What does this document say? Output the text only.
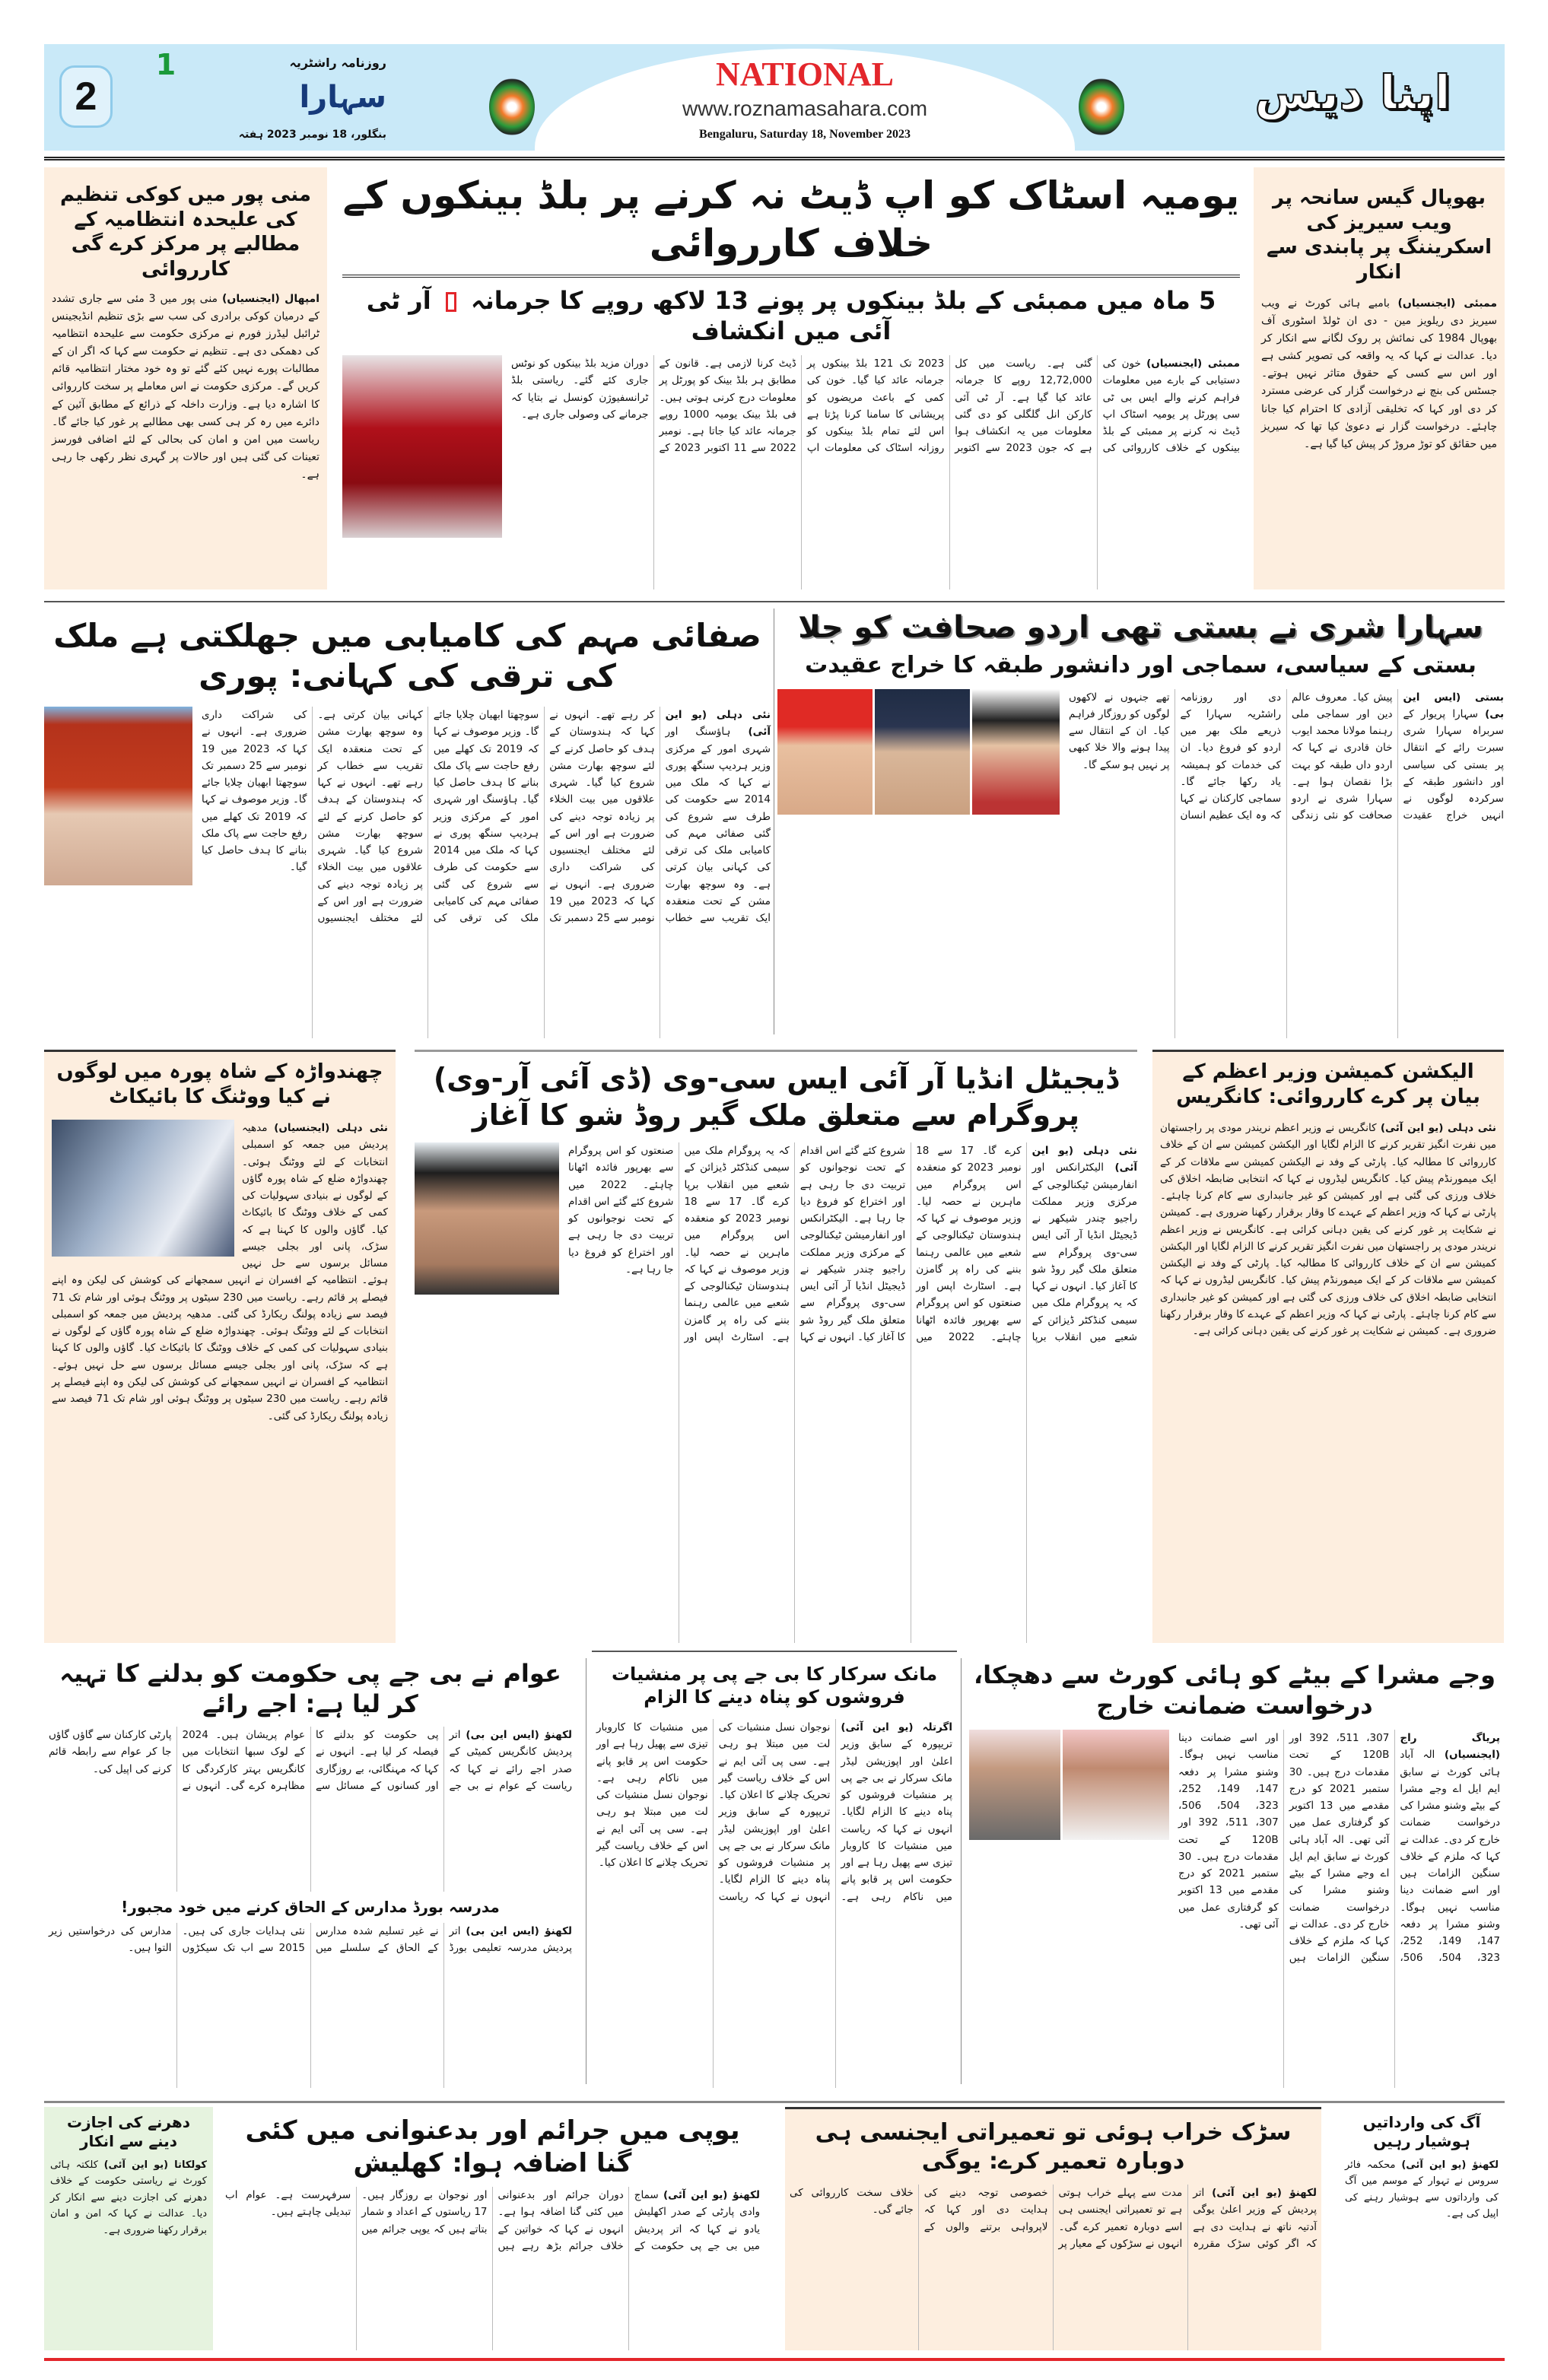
2
1	روزنامہ راشٹریہ
سہارا
بنگلور، 18 نومبر 2023 ہفتہ
NATIONAL
www.roznamasahara.com
Bengaluru, Saturday 18, November 2023
اپنا دیس
منی پور میں کوکی تنظیم کی علیحدہ انتظامیہ کے مطالبے پر مرکز کرے گی کارروائی
امپھال (ایجنسیاں) منی پور میں 3 مئی سے جاری تشدد کے درمیان کوکی برادری کی سب سے بڑی تنظیم انڈیجینس ٹرائبل لیڈرز فورم نے مرکزی حکومت سے علیحدہ انتظامیہ کی دھمکی دی ہے۔ تنظیم نے حکومت سے کہا کہ اگر ان کے مطالبات پورے نہیں کئے گئے تو وہ خود مختار انتظامیہ قائم کریں گے۔ مرکزی حکومت نے اس معاملے پر سخت کارروائی کا اشارہ دیا ہے۔ وزارت داخلہ کے ذرائع کے مطابق آئین کے دائرے میں رہ کر ہی کسی بھی مطالبے پر غور کیا جائے گا۔ ریاست میں امن و امان کی بحالی کے لئے اضافی فورسز تعینات کی گئی ہیں اور حالات پر گہری نظر رکھی جا رہی ہے۔
یومیہ اسٹاک کو اپ ڈیٹ نہ کرنے پر بلڈ بینکوں کے خلاف کارروائی
5 ماہ میں ممبئی کے بلڈ بینکوں پر پونے 13 لاکھ روپے کا جرمانہ  آر ٹی آئی میں انکشاف
ممبئی (ایجنسیاں) خون کی دستیابی کے بارے میں معلومات فراہم کرنے والے ایس بی ٹی سی پورٹل پر یومیہ اسٹاک اپ ڈیٹ نہ کرنے پر ممبئی کے بلڈ بینکوں کے خلاف کارروائی کی گئی ہے۔ ریاست میں کل 12,72,000 روپے کا جرمانہ عائد کیا گیا ہے۔ آر ٹی آئی کارکن انل گلگلی کو دی گئی معلومات میں یہ انکشاف ہوا ہے کہ جون 2023 سے اکتوبر 2023 تک 121 بلڈ بینکوں پر جرمانہ عائد کیا گیا۔ خون کی کمی کے باعث مریضوں کو پریشانی کا سامنا کرنا پڑتا ہے اس لئے تمام بلڈ بینکوں کو روزانہ اسٹاک کی معلومات اپ ڈیٹ کرنا لازمی ہے۔ قانون کے مطابق ہر بلڈ بینک کو پورٹل پر معلومات درج کرنی ہوتی ہیں۔ فی بلڈ بینک یومیہ 1000 روپے جرمانہ عائد کیا جاتا ہے۔ نومبر 2022 سے 11 اکتوبر 2023 کے دوران مزید بلڈ بینکوں کو نوٹس جاری کئے گئے۔ ریاستی بلڈ ٹرانسفیوژن کونسل نے بتایا کہ جرمانے کی وصولی جاری ہے۔
بھوپال گیس سانحہ پر ویب سیریز کی اسکریننگ پر پابندی سے انکار
ممبئی (ایجنسیاں) بامبے ہائی کورٹ نے ویب سیریز دی ریلویز مین - دی ان ٹولڈ اسٹوری آف بھوپال 1984 کی نمائش پر روک لگانے سے انکار کر دیا۔ عدالت نے کہا کہ یہ واقعہ کی تصویر کشی ہے اور اس سے کسی کے حقوق متاثر نہیں ہوتے۔ جسٹس کی بنچ نے درخواست گزار کی عرضی مسترد کر دی اور کہا کہ تخلیقی آزادی کا احترام کیا جانا چاہئے۔ درخواست گزار نے دعویٰ کیا تھا کہ سیریز میں حقائق کو توڑ مروڑ کر پیش کیا گیا ہے۔
صفائی مہم کی کامیابی میں جھلکتی ہے ملک کی ترقی کی کہانی: پوری
نئی دہلی (یو این آئی) ہاؤسنگ اور شہری امور کے مرکزی وزیر ہردیپ سنگھ پوری نے کہا کہ ملک میں 2014 سے حکومت کی طرف سے شروع کی گئی صفائی مہم کی کامیابی ملک کی ترقی کی کہانی بیان کرتی ہے۔ وہ سوچھ بھارت مشن کے تحت منعقدہ ایک تقریب سے خطاب کر رہے تھے۔ انہوں نے کہا کہ ہندوستان کے ہدف کو حاصل کرنے کے لئے سوچھ بھارت مشن شروع کیا گیا۔ شہری علاقوں میں بیت الخلاء پر زیادہ توجہ دینے کی ضرورت ہے اور اس کے لئے مختلف ایجنسیوں کی شراکت داری ضروری ہے۔ انہوں نے کہا کہ 2023 میں 19 نومبر سے 25 دسمبر تک سوچھتا ابھیان چلایا جائے گا۔ وزیر موصوف نے کہا کہ 2019 تک کھلے میں رفع حاجت سے پاک ملک بنانے کا ہدف حاصل کیا گیا۔ ہاؤسنگ اور شہری امور کے مرکزی وزیر ہردیپ سنگھ پوری نے کہا کہ ملک میں 2014 سے حکومت کی طرف سے شروع کی گئی صفائی مہم کی کامیابی ملک کی ترقی کی کہانی بیان کرتی ہے۔ وہ سوچھ بھارت مشن کے تحت منعقدہ ایک تقریب سے خطاب کر رہے تھے۔ انہوں نے کہا کہ ہندوستان کے ہدف کو حاصل کرنے کے لئے سوچھ بھارت مشن شروع کیا گیا۔ شہری علاقوں میں بیت الخلاء پر زیادہ توجہ دینے کی ضرورت ہے اور اس کے لئے مختلف ایجنسیوں کی شراکت داری ضروری ہے۔ انہوں نے کہا کہ 2023 میں 19 نومبر سے 25 دسمبر تک سوچھتا ابھیان چلایا جائے گا۔ وزیر موصوف نے کہا کہ 2019 تک کھلے میں رفع حاجت سے پاک ملک بنانے کا ہدف حاصل کیا گیا۔
سہارا شری نے بستی تھی اردو صحافت کو جلا
بستی کے سیاسی، سماجی اور دانشور طبقہ کا خراج عقیدت
بستی (ایس این بی) سہارا پریوار کے سربراہ سہارا شری سبرت رائے کے انتقال پر بستی کی سیاسی اور دانشور طبقہ کے سرکردہ لوگوں نے انہیں خراج عقیدت پیش کیا۔ معروف عالم دین اور سماجی ملی رہنما مولانا محمد ایوب خان قادری نے کہا کہ اردو داں طبقہ کو بہت بڑا نقصان ہوا ہے۔ سہارا شری نے اردو صحافت کو نئی زندگی دی اور روزنامہ راشٹریہ سہارا کے ذریعے ملک بھر میں اردو کو فروغ دیا۔ ان کی خدمات کو ہمیشہ یاد رکھا جائے گا۔ سماجی کارکنان نے کہا کہ وہ ایک عظیم انسان تھے جنہوں نے لاکھوں لوگوں کو روزگار فراہم کیا۔ ان کے انتقال سے پیدا ہونے والا خلا کبھی پر نہیں ہو سکے گا۔
چھندواڑہ کے شاہ پورہ میں لوگوں نے کیا ووٹنگ کا بائیکاٹ
نئی دہلی (ایجنسیاں) مدھیہ پردیش میں جمعہ کو اسمبلی انتخابات کے لئے ووٹنگ ہوئی۔ چھندواڑہ ضلع کے شاہ پورہ گاؤں کے لوگوں نے بنیادی سہولیات کی کمی کے خلاف ووٹنگ کا بائیکاٹ کیا۔ گاؤں والوں کا کہنا ہے کہ سڑک، پانی اور بجلی جیسے مسائل برسوں سے حل نہیں ہوئے۔ انتظامیہ کے افسران نے انہیں سمجھانے کی کوشش کی لیکن وہ اپنے فیصلے پر قائم رہے۔ ریاست میں 230 سیٹوں پر ووٹنگ ہوئی اور شام تک 71 فیصد سے زیادہ پولنگ ریکارڈ کی گئی۔ مدھیہ پردیش میں جمعہ کو اسمبلی انتخابات کے لئے ووٹنگ ہوئی۔ چھندواڑہ ضلع کے شاہ پورہ گاؤں کے لوگوں نے بنیادی سہولیات کی کمی کے خلاف ووٹنگ کا بائیکاٹ کیا۔ گاؤں والوں کا کہنا ہے کہ سڑک، پانی اور بجلی جیسے مسائل برسوں سے حل نہیں ہوئے۔ انتظامیہ کے افسران نے انہیں سمجھانے کی کوشش کی لیکن وہ اپنے فیصلے پر قائم رہے۔ ریاست میں 230 سیٹوں پر ووٹنگ ہوئی اور شام تک 71 فیصد سے زیادہ پولنگ ریکارڈ کی گئی۔
ڈیجیٹل انڈیا آر آئی ایس سی-وی (ڈی آئی آر-وی) پروگرام سے متعلق ملک گیر روڈ شو کا آغاز
نئی دہلی (یو این آئی) الیکٹرانکس اور انفارمیشن ٹیکنالوجی کے مرکزی وزیر مملکت راجیو چندر شیکھر نے ڈیجیٹل انڈیا آر آئی ایس سی-وی پروگرام سے متعلق ملک گیر روڈ شو کا آغاز کیا۔ انہوں نے کہا کہ یہ پروگرام ملک میں سیمی کنڈکٹر ڈیزائن کے شعبے میں انقلاب برپا کرے گا۔ 17 سے 18 نومبر 2023 کو منعقدہ اس پروگرام میں ماہرین نے حصہ لیا۔ وزیر موصوف نے کہا کہ ہندوستان ٹیکنالوجی کے شعبے میں عالمی رہنما بننے کی راہ پر گامزن ہے۔ اسٹارٹ اپس اور صنعتوں کو اس پروگرام سے بھرپور فائدہ اٹھانا چاہئے۔ 2022 میں شروع کئے گئے اس اقدام کے تحت نوجوانوں کو تربیت دی جا رہی ہے اور اختراع کو فروغ دیا جا رہا ہے۔ الیکٹرانکس اور انفارمیشن ٹیکنالوجی کے مرکزی وزیر مملکت راجیو چندر شیکھر نے ڈیجیٹل انڈیا آر آئی ایس سی-وی پروگرام سے متعلق ملک گیر روڈ شو کا آغاز کیا۔ انہوں نے کہا کہ یہ پروگرام ملک میں سیمی کنڈکٹر ڈیزائن کے شعبے میں انقلاب برپا کرے گا۔ 17 سے 18 نومبر 2023 کو منعقدہ اس پروگرام میں ماہرین نے حصہ لیا۔ وزیر موصوف نے کہا کہ ہندوستان ٹیکنالوجی کے شعبے میں عالمی رہنما بننے کی راہ پر گامزن ہے۔ اسٹارٹ اپس اور صنعتوں کو اس پروگرام سے بھرپور فائدہ اٹھانا چاہئے۔ 2022 میں شروع کئے گئے اس اقدام کے تحت نوجوانوں کو تربیت دی جا رہی ہے اور اختراع کو فروغ دیا جا رہا ہے۔
الیکشن کمیشن وزیر اعظم کے بیان پر کرے کارروائی: کانگریس
نئی دہلی (یو این آئی) کانگریس نے وزیر اعظم نریندر مودی پر راجستھان میں نفرت انگیز تقریر کرنے کا الزام لگایا اور الیکشن کمیشن سے ان کے خلاف کارروائی کا مطالبہ کیا۔ پارٹی کے وفد نے الیکشن کمیشن سے ملاقات کر کے ایک میمورنڈم پیش کیا۔ کانگریس لیڈروں نے کہا کہ انتخابی ضابطہ اخلاق کی خلاف ورزی کی گئی ہے اور کمیشن کو غیر جانبداری سے کام کرنا چاہئے۔ پارٹی نے کہا کہ وزیر اعظم کے عہدے کا وقار برقرار رکھنا ضروری ہے۔ کمیشن نے شکایت پر غور کرنے کی یقین دہانی کرائی ہے۔ کانگریس نے وزیر اعظم نریندر مودی پر راجستھان میں نفرت انگیز تقریر کرنے کا الزام لگایا اور الیکشن کمیشن سے ان کے خلاف کارروائی کا مطالبہ کیا۔ پارٹی کے وفد نے الیکشن کمیشن سے ملاقات کر کے ایک میمورنڈم پیش کیا۔ کانگریس لیڈروں نے کہا کہ انتخابی ضابطہ اخلاق کی خلاف ورزی کی گئی ہے اور کمیشن کو غیر جانبداری سے کام کرنا چاہئے۔ پارٹی نے کہا کہ وزیر اعظم کے عہدے کا وقار برقرار رکھنا ضروری ہے۔ کمیشن نے شکایت پر غور کرنے کی یقین دہانی کرائی ہے۔
عوام نے بی جے پی حکومت کو بدلنے کا تہیہ کر لیا ہے: اجے رائے
لکھنؤ (ایس این بی) اتر پردیش کانگریس کمیٹی کے صدر اجے رائے نے کہا کہ ریاست کے عوام نے بی جے پی حکومت کو بدلنے کا فیصلہ کر لیا ہے۔ انہوں نے کہا کہ مہنگائی، بے روزگاری اور کسانوں کے مسائل سے عوام پریشان ہیں۔ 2024 کے لوک سبھا انتخابات میں کانگریس بہتر کارکردگی کا مظاہرہ کرے گی۔ انہوں نے پارٹی کارکنان سے گاؤں گاؤں جا کر عوام سے رابطہ قائم کرنے کی اپیل کی۔
مدرسہ بورڈ مدارس کے الحاق کرنے میں خود مجبور!
لکھنؤ (ایس این بی) اتر پردیش مدرسہ تعلیمی بورڈ نے غیر تسلیم شدہ مدارس کے الحاق کے سلسلے میں نئی ہدایات جاری کی ہیں۔ 2015 سے اب تک سیکڑوں مدارس کی درخواستیں زیر التوا ہیں۔
مانک سرکار کا بی جے پی پر منشیات فروشوں کو پناہ دینے کا الزام
اگرتلہ (یو این آئی) تریپورہ کے سابق وزیر اعلیٰ اور اپوزیشن لیڈر مانک سرکار نے بی جے پی پر منشیات فروشوں کو پناہ دینے کا الزام لگایا۔ انہوں نے کہا کہ ریاست میں منشیات کا کاروبار تیزی سے پھیل رہا ہے اور حکومت اس پر قابو پانے میں ناکام رہی ہے۔ نوجوان نسل منشیات کی لت میں مبتلا ہو رہی ہے۔ سی پی آئی ایم نے اس کے خلاف ریاست گیر تحریک چلانے کا اعلان کیا۔ تریپورہ کے سابق وزیر اعلیٰ اور اپوزیشن لیڈر مانک سرکار نے بی جے پی پر منشیات فروشوں کو پناہ دینے کا الزام لگایا۔ انہوں نے کہا کہ ریاست میں منشیات کا کاروبار تیزی سے پھیل رہا ہے اور حکومت اس پر قابو پانے میں ناکام رہی ہے۔ نوجوان نسل منشیات کی لت میں مبتلا ہو رہی ہے۔ سی پی آئی ایم نے اس کے خلاف ریاست گیر تحریک چلانے کا اعلان کیا۔
وجے مشرا کے بیٹے کو ہائی کورٹ سے دھچکا، درخواست ضمانت خارج
پریاگ راج (ایجنسیاں) الہ آباد ہائی کورٹ نے سابق ایم ایل اے وجے مشرا کے بیٹے وشنو مشرا کی درخواست ضمانت خارج کر دی۔ عدالت نے کہا کہ ملزم کے خلاف سنگین الزامات ہیں اور اسے ضمانت دینا مناسب نہیں ہوگا۔ وشنو مشرا پر دفعہ 147، 149، 252، 323، 504، 506، 307، 511، 392 اور 120B کے تحت مقدمات درج ہیں۔ 30 ستمبر 2021 کو درج مقدمے میں 13 اکتوبر کو گرفتاری عمل میں آئی تھی۔ الہ آباد ہائی کورٹ نے سابق ایم ایل اے وجے مشرا کے بیٹے وشنو مشرا کی درخواست ضمانت خارج کر دی۔ عدالت نے کہا کہ ملزم کے خلاف سنگین الزامات ہیں اور اسے ضمانت دینا مناسب نہیں ہوگا۔ وشنو مشرا پر دفعہ 147، 149، 252، 323، 504، 506، 307، 511، 392 اور 120B کے تحت مقدمات درج ہیں۔ 30 ستمبر 2021 کو درج مقدمے میں 13 اکتوبر کو گرفتاری عمل میں آئی تھی۔
دھرنے کی اجازت دینے سے انکار
کولکاتا (یو این آئی) کلکتہ ہائی کورٹ نے ریاستی حکومت کے خلاف دھرنے کی اجازت دینے سے انکار کر دیا۔ عدالت نے کہا کہ امن و امان برقرار رکھنا ضروری ہے۔
یوپی میں جرائم اور بدعنوانی میں کئی گنا اضافہ ہوا: کھلیش
لکھنؤ (یو این آئی) سماج وادی پارٹی کے صدر اکھلیش یادو نے کہا کہ اتر پردیش میں بی جے پی حکومت کے دوران جرائم اور بدعنوانی میں کئی گنا اضافہ ہوا ہے۔ انہوں نے کہا کہ خواتین کے خلاف جرائم بڑھ رہے ہیں اور نوجوان بے روزگار ہیں۔ 17 ریاستوں کے اعداد و شمار بتاتے ہیں کہ یوپی جرائم میں سرفہرست ہے۔ عوام اب تبدیلی چاہتے ہیں۔
سڑک خراب ہوئی تو تعمیراتی ایجنسی ہی دوبارہ تعمیر کرے: یوگی
لکھنؤ (یو این آئی) اتر پردیش کے وزیر اعلیٰ یوگی آدتیہ ناتھ نے ہدایت دی ہے کہ اگر کوئی سڑک مقررہ مدت سے پہلے خراب ہوتی ہے تو تعمیراتی ایجنسی ہی اسے دوبارہ تعمیر کرے گی۔ انہوں نے سڑکوں کے معیار پر خصوصی توجہ دینے کی ہدایت دی اور کہا کہ لاپرواہی برتنے والوں کے خلاف سخت کارروائی کی جائے گی۔
آگ کی وارداتیں ہوشیار رہیں
لکھنؤ (یو این آئی) محکمہ فائر سروس نے تہوار کے موسم میں آگ کی وارداتوں سے ہوشیار رہنے کی اپیل کی ہے۔
